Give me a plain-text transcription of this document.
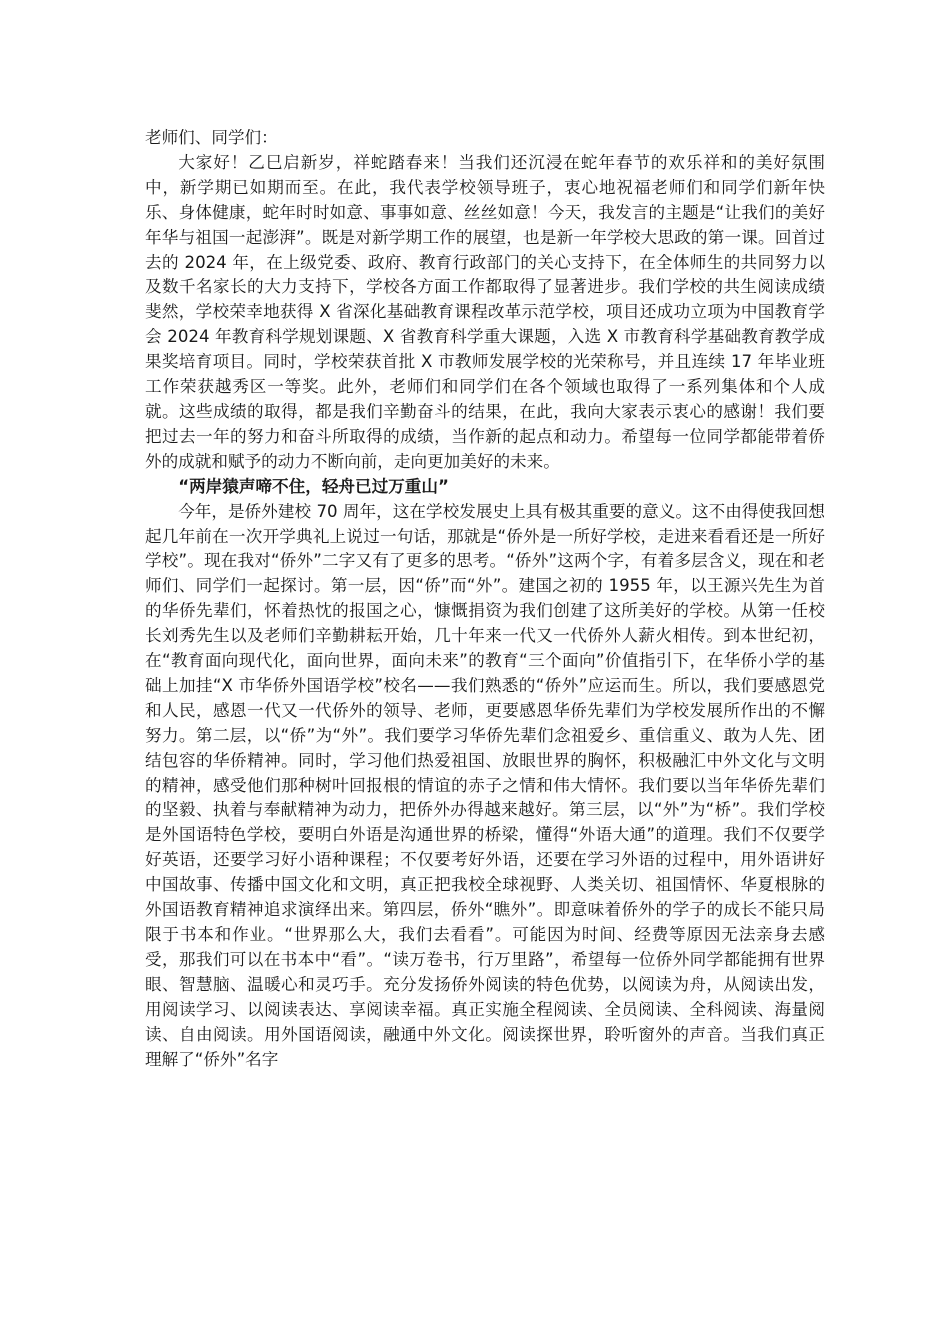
老师们、同学们：

大家好！乙巳启新岁，祥蛇踏春来！当我们还沉浸在蛇年春节的欢乐祥和的美好氛围中，新学期已如期而至。在此，我代表学校领导班子，衷心地祝福老师们和同学们新年快乐、身体健康，蛇年时时如意、事事如意、丝丝如意！今天，我发言的主题是“让我们的美好年华与祖国一起澎湃”。既是对新学期工作的展望，也是新一年学校大思政的第一课。回首过去的 2024 年，在上级党委、政府、教育行政部门的关心支持下，在全体师生的共同努力以及数千名家长的大力支持下，学校各方面工作都取得了显著进步。我们学校的共生阅读成绩斐然，学校荣幸地获得 X 省深化基础教育课程改革示范学校，项目还成功立项为中国教育学会 2024 年教育科学规划课题、X 省教育科学重大课题，入选 X 市教育科学基础教育教学成果奖培育项目。同时，学校荣获首批 X 市教师发展学校的光荣称号，并且连续 17 年毕业班工作荣获越秀区一等奖。此外，老师们和同学们在各个领域也取得了一系列集体和个人成就。这些成绩的取得，都是我们辛勤奋斗的结果，在此，我向大家表示衷心的感谢！我们要把过去一年的努力和奋斗所取得的成绩，当作新的起点和动力。希望每一位同学都能带着侨外的成就和赋予的动力不断向前，走向更加美好的未来。

“两岸猿声啼不住，轻舟已过万重山”

今年，是侨外建校 70 周年，这在学校发展史上具有极其重要的意义。这不由得使我回想起几年前在一次开学典礼上说过一句话，那就是“侨外是一所好学校，走进来看看还是一所好学校”。现在我对“侨外”二字又有了更多的思考。“侨外”这两个字，有着多层含义，现在和老师们、同学们一起探讨。第一层，因“侨”而“外”。建国之初的 1955 年，以王源兴先生为首的华侨先辈们，怀着热忱的报国之心，慷慨捐资为我们创建了这所美好的学校。从第一任校长刘秀先生以及老师们辛勤耕耘开始，几十年来一代又一代侨外人薪火相传。到本世纪初，在“教育面向现代化，面向世界，面向未来”的教育“三个面向”价值指引下，在华侨小学的基础上加挂“X 市华侨外国语学校”校名——我们熟悉的“侨外”应运而生。所以，我们要感恩党和人民，感恩一代又一代侨外的领导、老师，更要感恩华侨先辈们为学校发展所作出的不懈努力。第二层，以“侨”为“外”。我们要学习华侨先辈们念祖爱乡、重信重义、敢为人先、团结包容的华侨精神。同时，学习他们热爱祖国、放眼世界的胸怀，积极融汇中外文化与文明的精神，感受他们那种树叶回报根的情谊的赤子之情和伟大情怀。我们要以当年华侨先辈们的坚毅、执着与奉献精神为动力，把侨外办得越来越好。第三层，以“外”为“桥”。我们学校是外国语特色学校，要明白外语是沟通世界的桥梁，懂得“外语大通”的道理。我们不仅要学好英语，还要学习好小语种课程；不仅要考好外语，还要在学习外语的过程中，用外语讲好中国故事、传播中国文化和文明，真正把我校全球视野、人类关切、祖国情怀、华夏根脉的外国语教育精神追求演绎出来。第四层，侨外“瞧外”。即意味着侨外的学子的成长不能只局限于书本和作业。“世界那么大，我们去看看”。可能因为时间、经费等原因无法亲身去感受，那我们可以在书本中“看”。“读万卷书，行万里路”，希望每一位侨外同学都能拥有世界眼、智慧脑、温暖心和灵巧手。充分发扬侨外阅读的特色优势，以阅读为舟，从阅读出发，用阅读学习、以阅读表达、享阅读幸福。真正实施全程阅读、全员阅读、全科阅读、海量阅读、自由阅读。用外国语阅读，融通中外文化。阅读探世界，聆听窗外的声音。当我们真正理解了“侨外”名字
